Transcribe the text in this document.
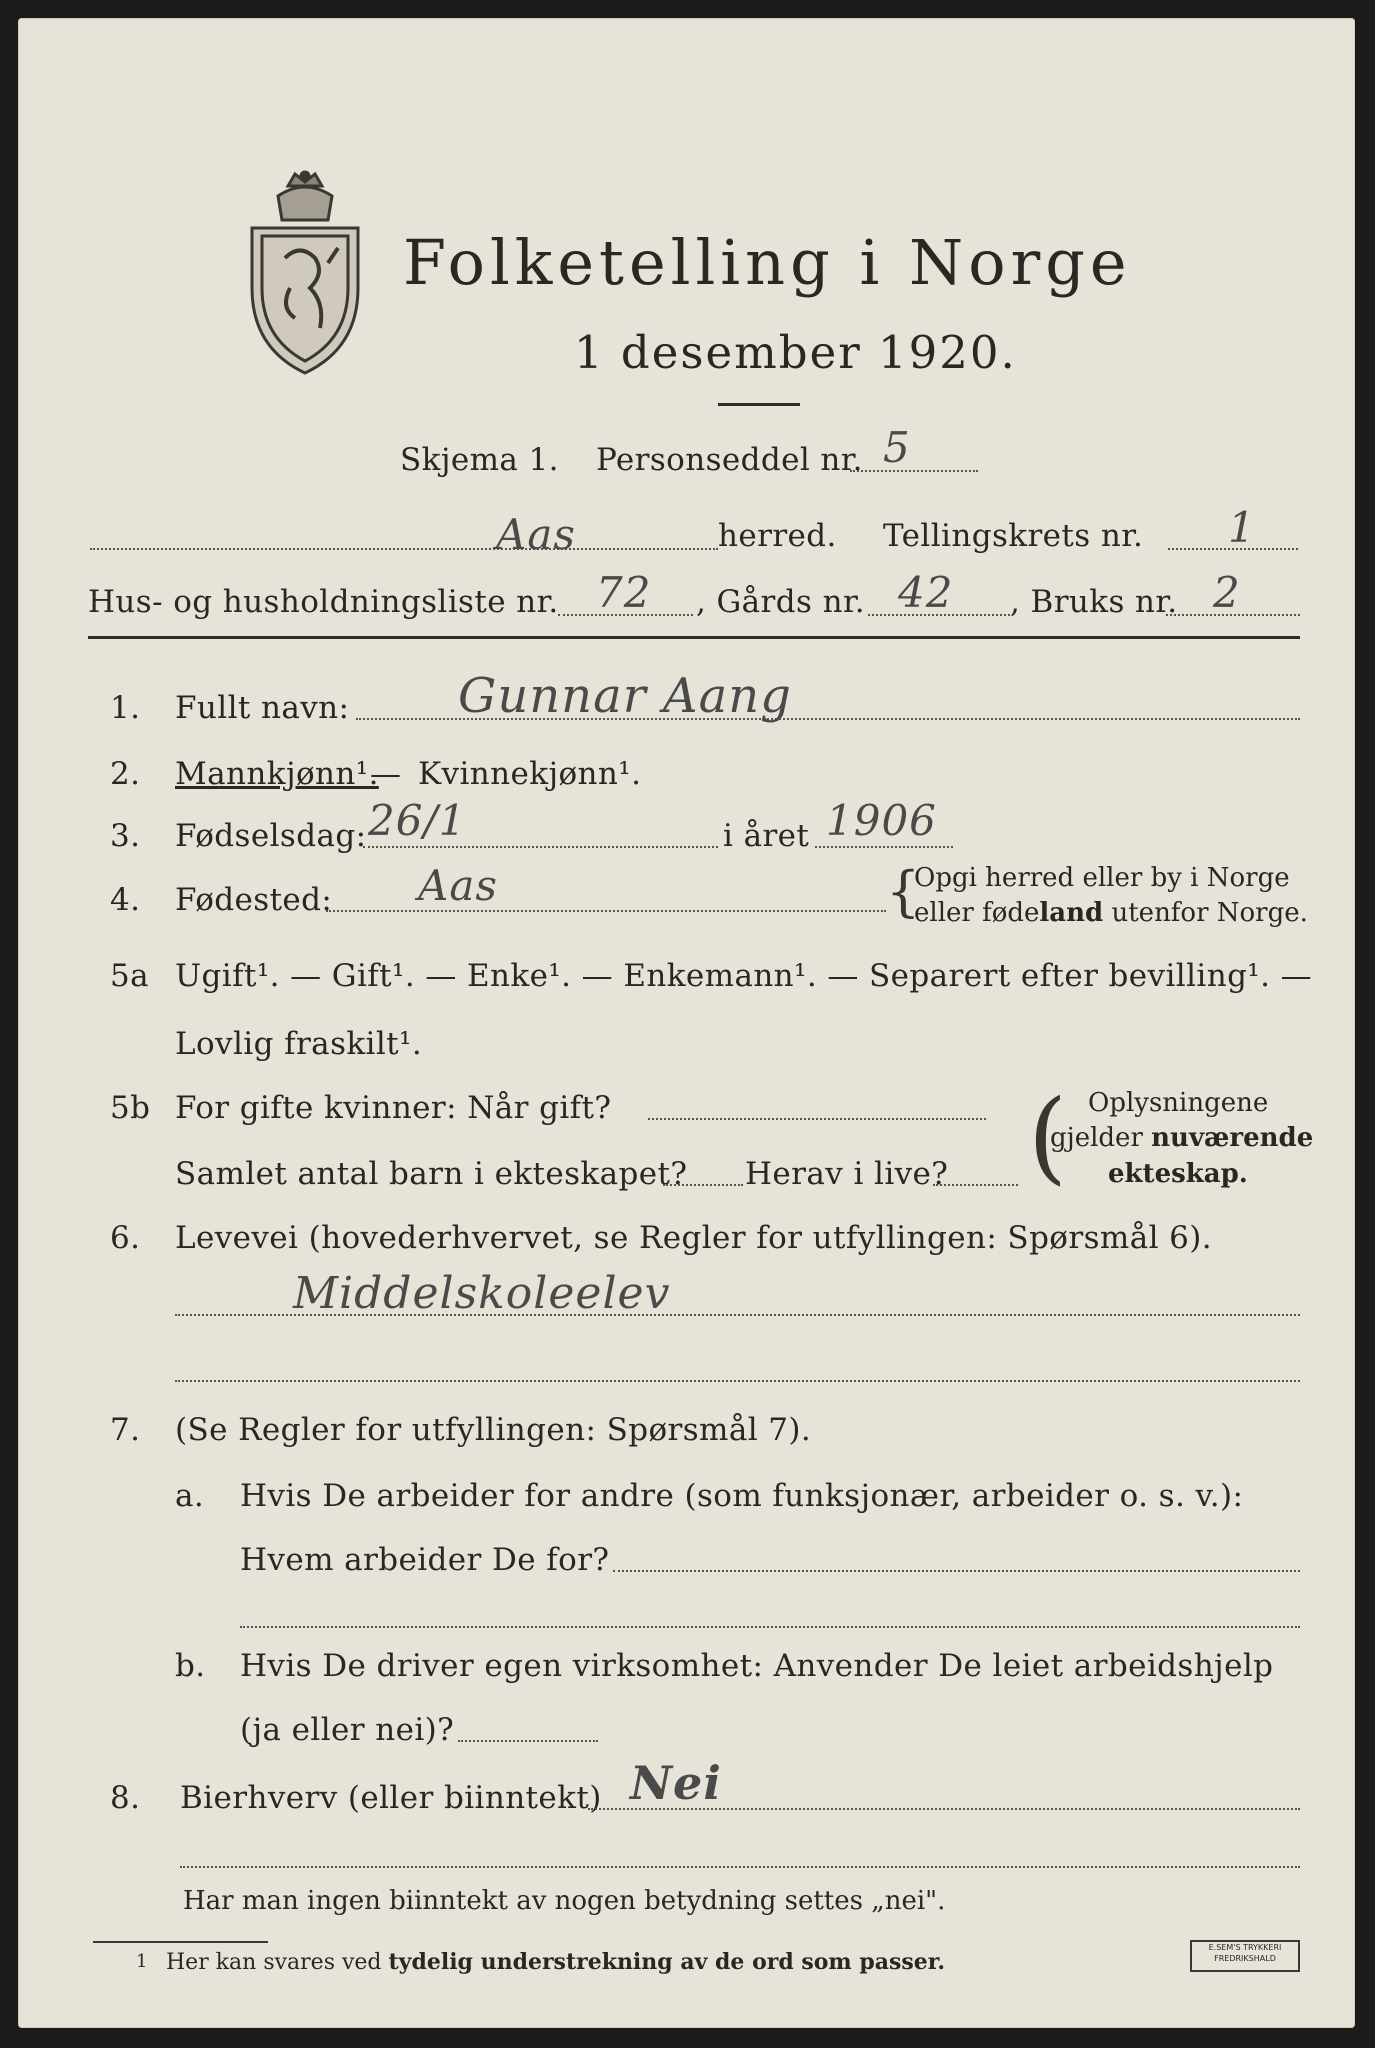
Folketelling i Norge
1 desember 1920.
Skjema 1. Personseddel nr. 5
Aas	herred. Tellingskrets nr. 1
Hus- og husholdningsliste nr. 72 , Gårds nr. 42 , Bruks nr. 2
1. Fullt navn: Gunnar Aang
2. Mannkjønn¹.
— Kvinnekjønn¹.
3. Fødselsdag: 26/1	i året 1906
4. Fødested: Aas	{
Opgi herred eller by i Norge
eller fødeland utenfor Norge.
5a Ugift¹. — Gift¹. — Enke¹. — Enkemann¹. — Separert efter bevilling¹. —
Lovlig fraskilt¹.
5b For gifte kvinner: Når gift?
Samlet antal barn i ekteskapet? Herav i live? ( Oplysningene
gjelder nuværende
ekteskap.
6. Levevei (hovederhvervet, se Regler for utfyllingen: Spørsmål 6).
Middelskoleelev
7. (Se Regler for utfyllingen: Spørsmål 7).
a. Hvis De arbeider for andre (som funksjonær, arbeider o. s. v.):
Hvem arbeider De for?
b. Hvis De driver egen virksomhet: Anvender De leiet arbeidshjelp
(ja eller nei)?
8. Bierhverv (eller biinntekt) Nei
Har man ingen biinntekt av nogen betydning settes „nei".
1 Her kan svares ved tydelig understrekning av de ord som passer.
E.SEM'S TRYKKERI
FREDRIKSHALD
